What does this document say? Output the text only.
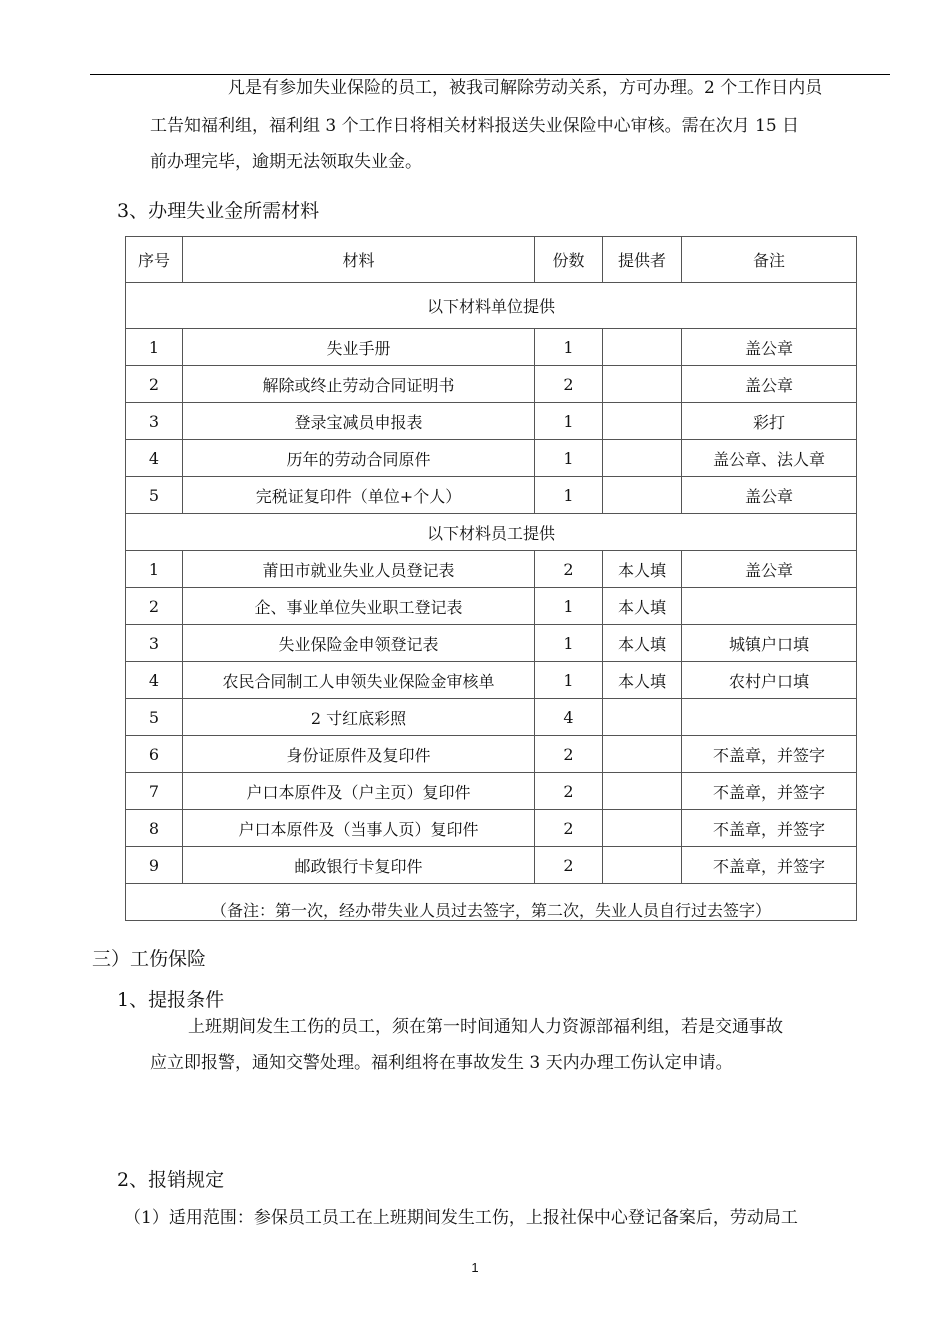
凡是有参加失业保险的员工，被我司解除劳动关系，方可办理。2 个工作日内员
工告知福利组，福利组 3 个工作日将相关材料报送失业保险中心审核。需在次月 15 日
前办理完毕，逾期无法领取失业金。
3、办理失业金所需材料
序号	材料	份数	提供者	备注
以下材料单位提供				
1	失业手册	1		盖公章
2	解除或终止劳动合同证明书	2		盖公章
3	登录宝减员申报表	1		彩打
4	历年的劳动合同原件	1		盖公章、法人章
5	完税证复印件（单位+个人）	1		盖公章
以下材料员工提供				
1	莆田市就业失业人员登记表	2	本人填	盖公章
2	企、事业单位失业职工登记表	1	本人填	
3	失业保险金申领登记表	1	本人填	城镇户口填
4	农民合同制工人申领失业保险金审核单	1	本人填	农村户口填
5	2 寸红底彩照	4		
6	身份证原件及复印件	2		不盖章，并签字
7	户口本原件及（户主页）复印件	2		不盖章，并签字
8	户口本原件及（当事人页）复印件	2		不盖章，并签字
9	邮政银行卡复印件	2		不盖章，并签字
（备注：第一次，经办带失业人员过去签字，第二次，失业人员自行过去签字）				
三）工伤保险
1、提报条件
上班期间发生工伤的员工，须在第一时间通知人力资源部福利组，若是交通事故
应立即报警，通知交警处理。福利组将在事故发生 3 天内办理工伤认定申请。
2、报销规定
（1）适用范围：参保员工员工在上班期间发生工伤，上报社保中心登记备案后，劳动局工
1
